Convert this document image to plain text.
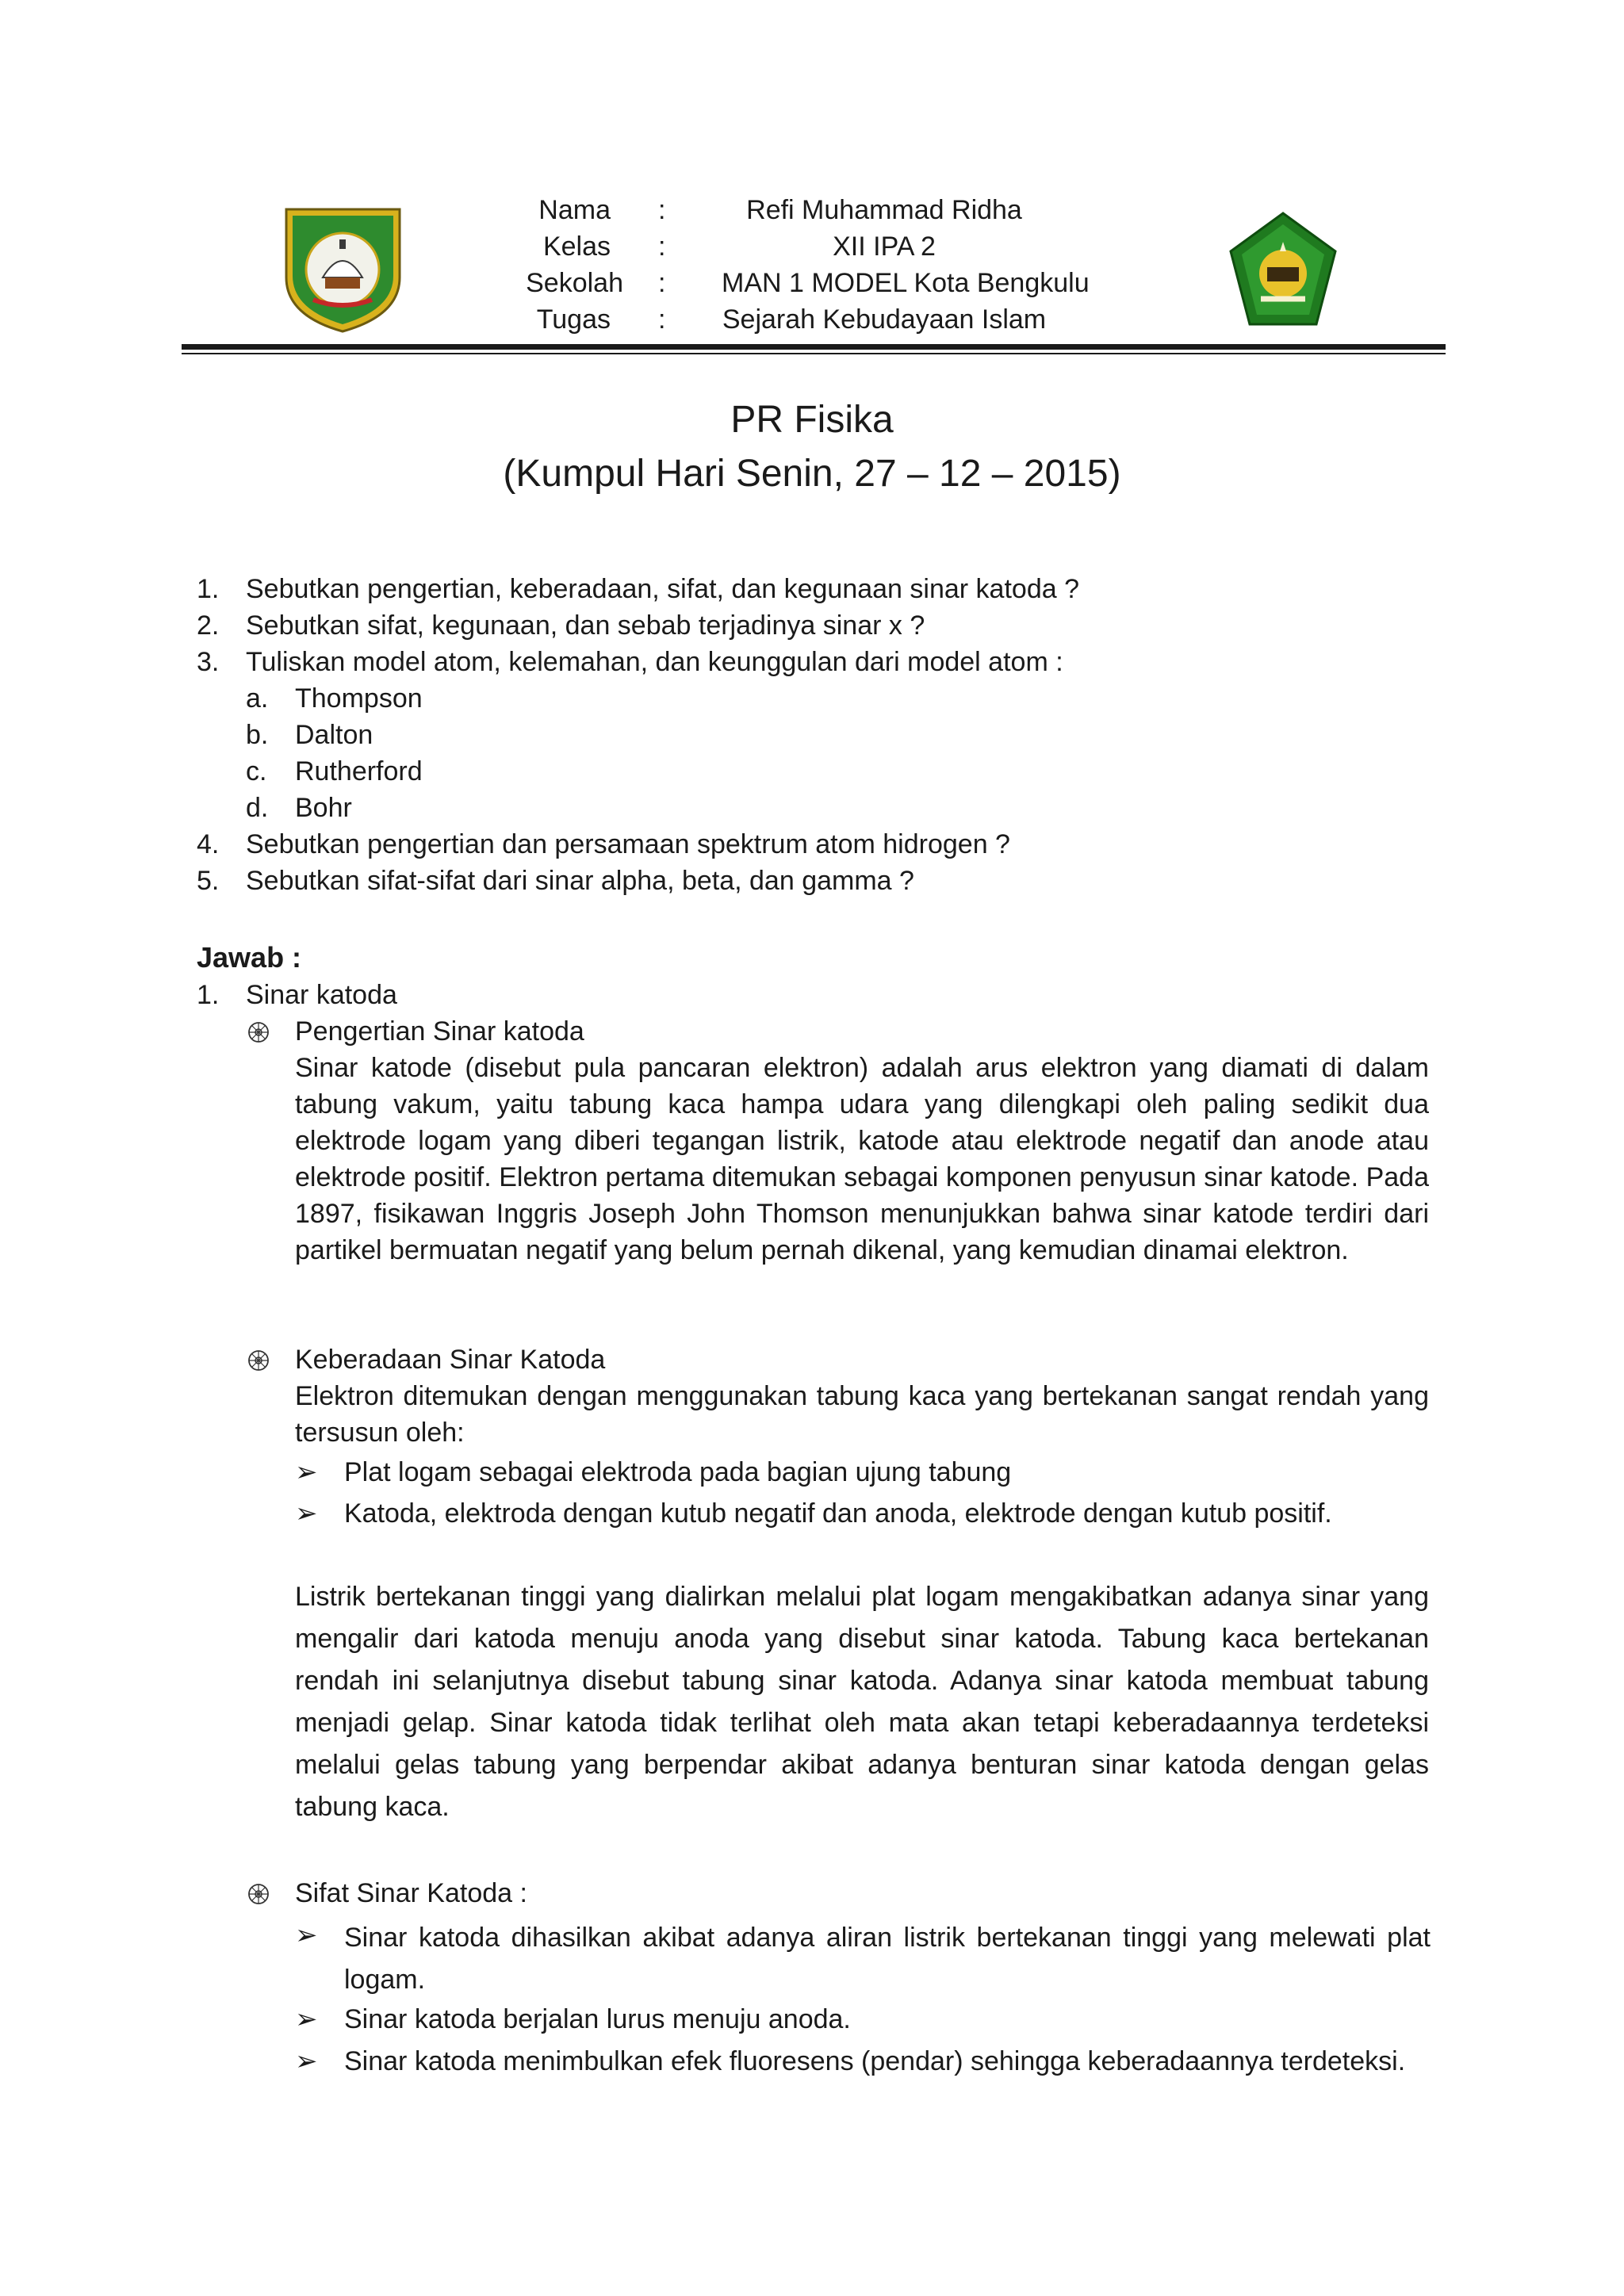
Nama :	Refi Muhammad Ridha
Kelas :	XII IPA 2
Sekolah : MAN 1 MODEL Kota Bengkulu
Tugas : Sejarah Kebudayaan Islam
PR Fisika
(Kumpul Hari Senin, 27 – 12 – 2015)
1. Sebutkan pengertian, keberadaan, sifat, dan kegunaan sinar katoda ?
2. Sebutkan sifat, kegunaan, dan sebab terjadinya sinar x ?
3. Tuliskan model atom, kelemahan, dan keunggulan dari model atom :
a. Thompson
b. Dalton
c. Rutherford
d. Bohr
4. Sebutkan pengertian dan persamaan spektrum atom hidrogen ?
5. Sebutkan sifat-sifat dari sinar alpha, beta, dan gamma ?
Jawab :
1. Sinar katoda
Pengertian Sinar katoda
Sinar katode (disebut pula pancaran elektron) adalah arus elektron yang diamati di dalam tabung vakum, yaitu tabung kaca hampa udara yang dilengkapi oleh paling sedikit dua elektrode logam yang diberi tegangan listrik, katode atau elektrode negatif dan anode atau elektrode positif. Elektron pertama ditemukan sebagai komponen penyusun sinar katode. Pada 1897, fisikawan Inggris Joseph John Thomson menunjukkan bahwa sinar katode terdiri dari partikel bermuatan negatif yang belum pernah dikenal, yang kemudian dinamai elektron.
Keberadaan Sinar Katoda
Elektron ditemukan dengan menggunakan tabung kaca yang bertekanan sangat rendah yang tersusun oleh:
➢ Plat logam sebagai elektroda pada bagian ujung tabung
➢ Katoda, elektroda dengan kutub negatif dan anoda, elektrode dengan kutub positif.
Listrik bertekanan tinggi yang dialirkan melalui plat logam mengakibatkan adanya sinar yang mengalir dari katoda menuju anoda yang disebut sinar katoda. Tabung kaca bertekanan rendah ini selanjutnya disebut tabung sinar katoda. Adanya sinar katoda membuat tabung menjadi gelap. Sinar katoda tidak terlihat oleh mata akan tetapi keberadaannya terdeteksi melalui gelas tabung yang berpendar akibat adanya benturan sinar katoda dengan gelas tabung kaca.
Sifat Sinar Katoda :
➢ Sinar katoda dihasilkan akibat adanya aliran listrik bertekanan tinggi yang melewati plat logam.
➢ Sinar katoda berjalan lurus menuju anoda.
➢ Sinar katoda menimbulkan efek fluoresens (pendar) sehingga keberadaannya terdeteksi.
